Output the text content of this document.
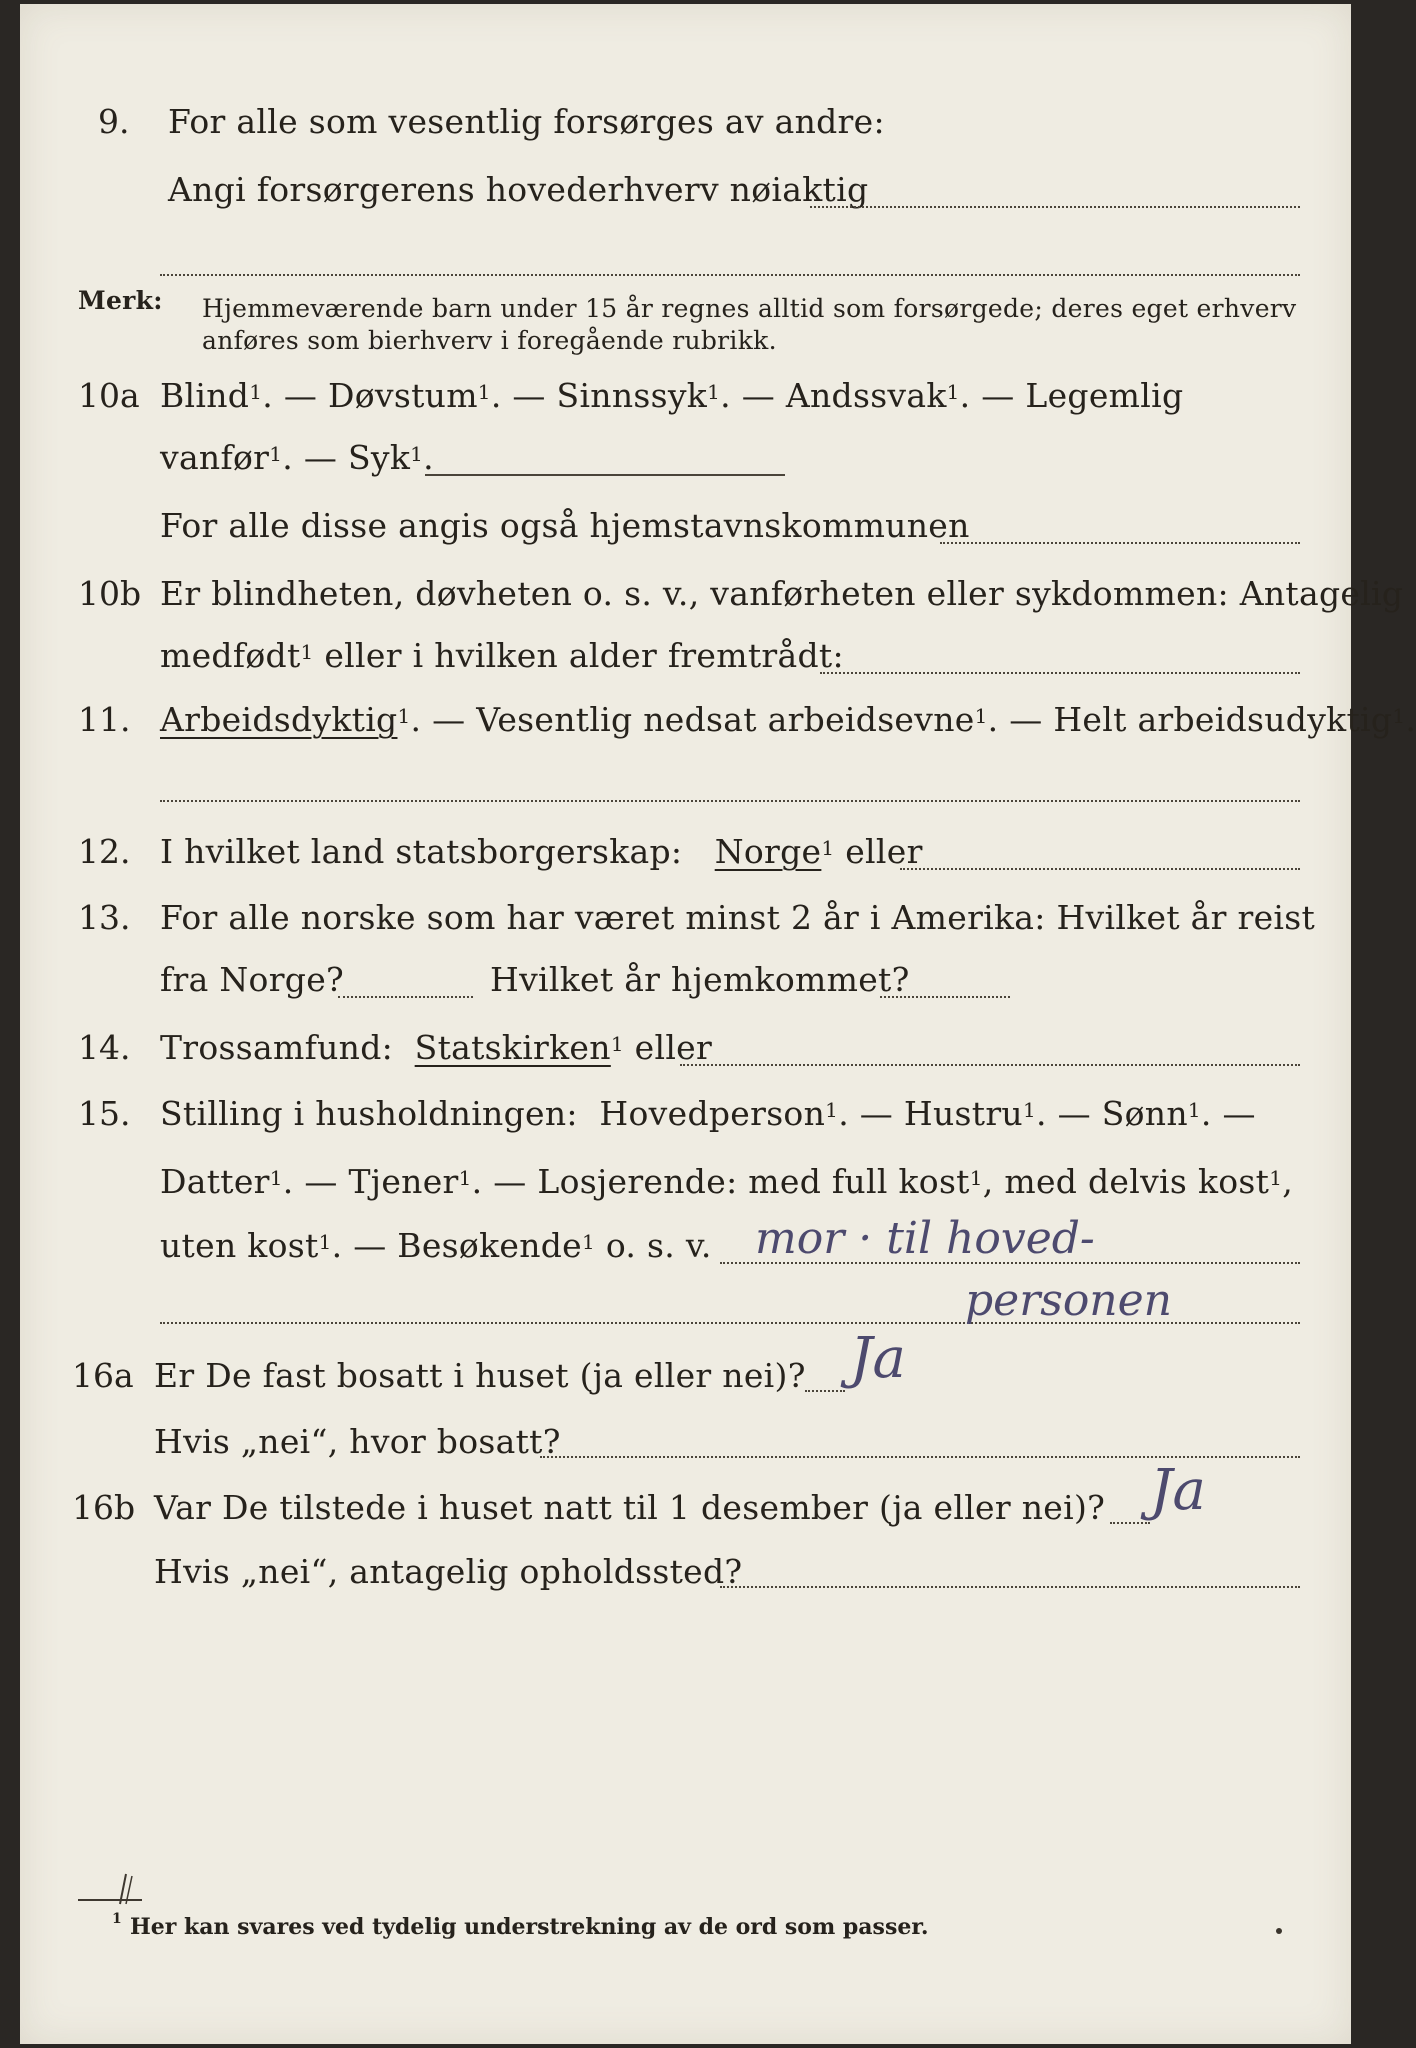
9. For alle som vesentlig forsørges av andre:
Angi forsørgerens hovederhverv nøiaktig
Merk: Hjemmeværende barn under 15 år regnes alltid som forsørgede; deres eget erhverv
anføres som bierhverv i foregående rubrikk.
10a Blind$^1$. — Døvstum$^1$. — Sinnssyk$^1$. — Andssvak$^1$. — Legemlig
vanfør$^1$. — Syk$^1$.
For alle disse angis også hjemstavnskommunen
10b Er blindheten, døvheten o. s. v., vanførheten eller sykdommen: Antagelig
medfødt$^1$ eller i hvilken alder fremtrådt:
11. Arbeidsdyktig$^1$. — Vesentlig nedsat arbeidsevne$^1$. — Helt arbeidsudyktig$^1$.
12. I hvilket land statsborgerskap: Norge$^1$ eller
13. For alle norske som har været minst 2 år i Amerika: Hvilket år reist
fra Norge?	Hvilket år hjemkommet?
14. Trossamfund: Statskirken$^1$ eller
15. Stilling i husholdningen: Hovedperson$^1$. — Hustru$^1$. — Sønn$^1$. —
Datter$^1$. — Tjener$^1$. — Losjerende: med full kost$^1$, med delvis kost$^1$,
uten kost$^1$. — Besøkende$^1$ o. s. v. mor · til hoved-
personen
16a Er De fast bosatt i huset (ja eller nei)? Ja
Hvis „nei“, hvor bosatt?
16b Var De tilstede i huset natt til 1 desember (ja eller nei)? Ja
Hvis „nei“, antagelig opholdssted?
1 Her kan svares ved tydelig understrekning av de ord som passer.
